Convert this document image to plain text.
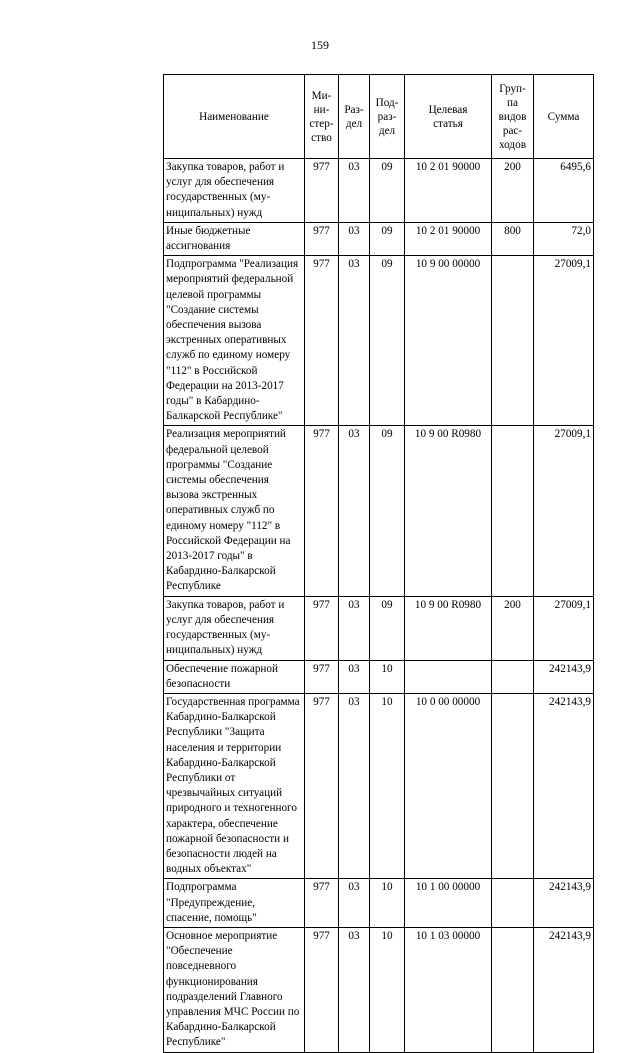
159
Наименование	Ми-
ни-
стер-
ство	Раз-
дел	Под-
раз-
дел	Целевая
статья	Груп-
па
видов
рас-
ходов	Сумма
Закупка товаров, работ и услуг для обеспечения государственных (му-
ниципальных) нужд	977	03	09	10 2 01 90000	200	6495,6
Иные бюджетные ассигнования	977	03	09	10 2 01 90000	800	72,0
Подпрограмма "Реализация мероприятий федеральной целевой программы "Создание системы обеспечения вызова экстренных оперативных служб по единому номеру "112" в Российской Федерации на 2013-2017 годы" в Кабардино-Балкарской Республике"	977	03	09	10 9 00 00000		27009,1
Реализация мероприятий федеральной целевой программы "Создание системы обеспечения вызова экстренных оперативных служб по единому номеру "112" в Российской Федерации на 2013-2017 годы" в Кабардино-Балкарской Республике	977	03	09	10 9 00 R0980		27009,1
Закупка товаров, работ и услуг для обеспечения государственных (му-
ниципальных) нужд	977	03	09	10 9 00 R0980	200	27009,1
Обеспечение пожарной безопасности	977	03	10			242143,9
Государственная программа Кабардино-Балкарской Республики "Защита населения и территории Кабардино-Балкарской Республики от чрезвычайных ситуаций природного и техногенного характера, обеспечение пожарной безопасности и безопасности людей на водных объектах"	977	03	10	10 0 00 00000		242143,9
Подпрограмма "Предупреждение, спасение, помощь"	977	03	10	10 1 00 00000		242143,9
Основное мероприятие "Обеспечение повседневного функционирования подразделений Главного управления МЧС России по Кабардино-Балкарской Республике"	977	03	10	10 1 03 00000		242143,9
